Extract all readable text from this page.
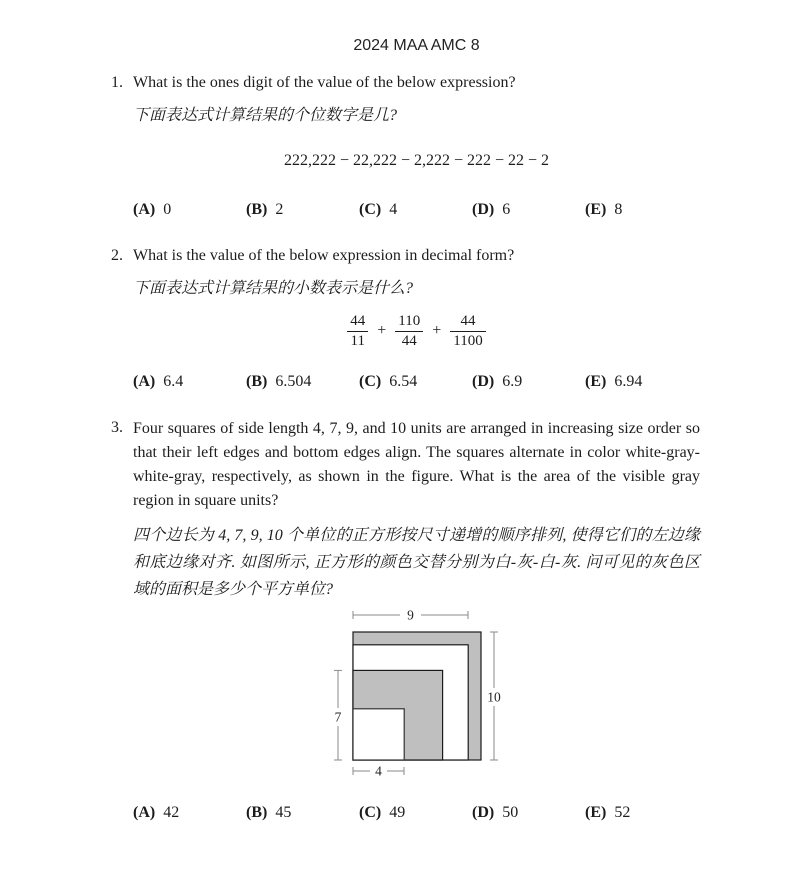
2024 MAA AMC 8
1. What is the ones digit of the value of the below expression?
下面表达式计算结果的个位数字是几?
222,222 − 22,222 − 2,222 − 222 − 22 − 2
(A) 0	(B) 2	(C) 4	(D) 6	(E) 8
2. What is the value of the below expression in decimal form?
下面表达式计算结果的小数表示是什么?
$\frac{44}{11} + \frac{110}{44} + \frac{44}{1100}$
(A) 6.4	(B) 6.504	(C) 6.54	(D) 6.9	(E) 6.94
3. Four squares of side length 4, 7, 9, and 10 units are arranged in increasing size order so that their left edges and bottom edges align. The squares alternate in color white-gray-white-gray, respectively, as shown in the figure. What is the area of the visible gray region in square units?
四个边长为 4, 7, 9, 10 个单位的正方形按尺寸递增的顺序排列, 使得它们的左边缘和底边缘对齐. 如图所示, 正方形的颜色交替分别为白-灰-白-灰. 问可见的灰色区域的面积是多少个平方单位?
9
10
7
4
(A) 42	(B) 45	(C) 49	(D) 50	(E) 52
